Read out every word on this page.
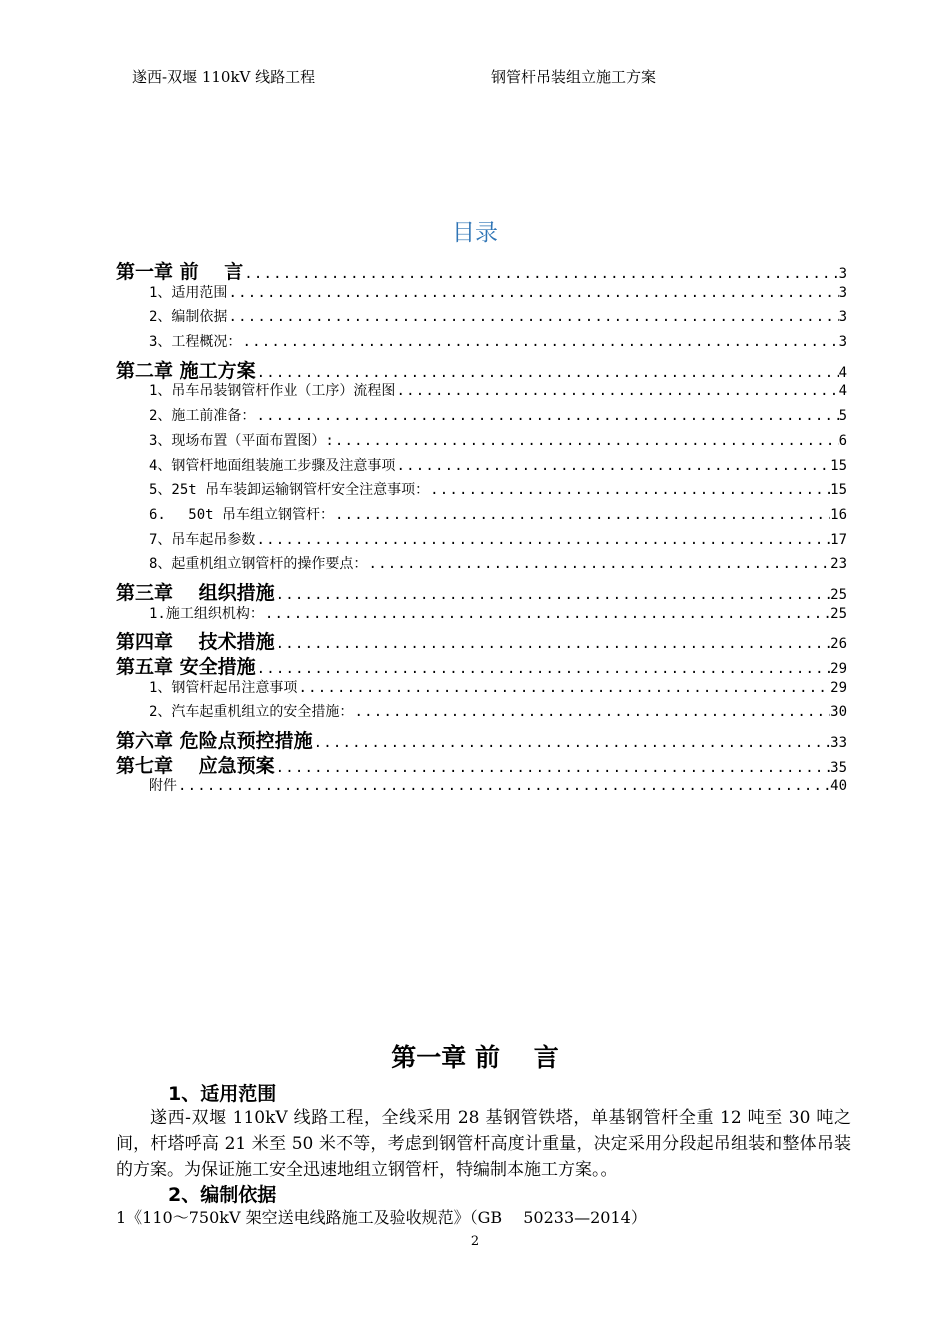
遂西-双堰 110kV 线路工程	钢管杆吊装组立施工方案
目录
第一章 前　 言 .....	3
1、适用范围 .....	3
2、编制依据 .....	3
3、工程概况： .....	3
第二章 施工方案 .....	4
1、吊车吊装钢管杆作业（工序）流程图 .....	4
2、施工前准备： .....	5
3、现场布置（平面布置图）: .....	6
4、钢管杆地面组装施工步骤及注意事项 .....	15
5、25t 吊车装卸运输钢管杆安全注意事项： .....	15
6.　 50t 吊车组立钢管杆： .....	16
7、吊车起吊参数 .....	17
8、起重机组立钢管杆的操作要点： .....	23
第三章　 组织措施 .....	25
1.施工组织机构： .....	25
第四章　 技术措施 .....	26
第五章 安全措施 .....	29
1、钢管杆起吊注意事项 .....	29
2、汽车起重机组立的安全措施： .....	30
第六章 危险点预控措施 .....	33
第七章　 应急预案 .....	35
附件 .....	40
第一章 前　 言
1、适用范围
遂西-双堰 110kV 线路工程，全线采用 28 基钢管铁塔，单基钢管杆全重 12 吨至 30 吨之间，杆塔呼高 21 米至 50 米不等，考虑到钢管杆高度计重量，决定采用分段起吊组装和整体吊装的方案。为保证施工安全迅速地组立钢管杆，特编制本施工方案。。
2、编制依据
1《110～750kV 架空送电线路施工及验收规范》（GB　 50233—2014）
2
